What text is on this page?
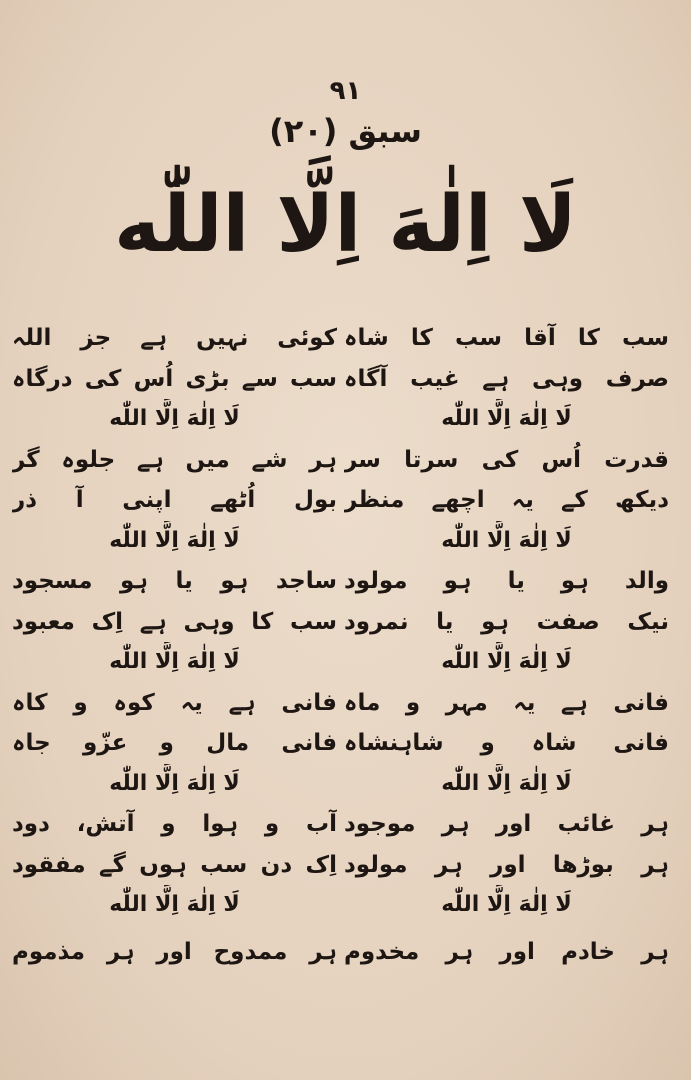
۹۱
سبق (۲۰)
لَا اِلٰهَ اِلَّا اللّٰه
سب کا آقا سب کا شاہ
صرف وہی ہے غیب آگاہ
لَا اِلٰهَ اِلَّا اللّٰه
قدرت اُس کی سرتا سر
دیکھ کے یہ اچھے منظر
لَا اِلٰهَ اِلَّا اللّٰه
والد ہو یا ہو مولود
نیک صفت ہو یا نمرود
لَا اِلٰهَ اِلَّا اللّٰه
فانی ہے یہ مہر و ماہ
فانی شاہ و شاہنشاہ
لَا اِلٰهَ اِلَّا اللّٰه
ہر غائب اور ہر موجود
ہر بوڑھا اور ہر مولود
لَا اِلٰهَ اِلَّا اللّٰه
ہر خادم اور ہر مخدوم
کوئی نہیں ہے جز اللہ
سب سے بڑی اُس کی درگاہ
لَا اِلٰهَ اِلَّا اللّٰه
ہر شے میں ہے جلوہ گر
بول اُٹھے اپنی آ ذر
لَا اِلٰهَ اِلَّا اللّٰه
ساجد ہو یا ہو مسجود
سب کا وہی ہے اِک معبود
لَا اِلٰهَ اِلَّا اللّٰه
فانی ہے یہ کوہ و کاہ
فانی مال و عزّو جاہ
لَا اِلٰهَ اِلَّا اللّٰه
آب و ہوا و آتش، دود
اِک دن سب ہوں گے مفقود
لَا اِلٰهَ اِلَّا اللّٰه
ہر ممدوح اور ہر مذموم
